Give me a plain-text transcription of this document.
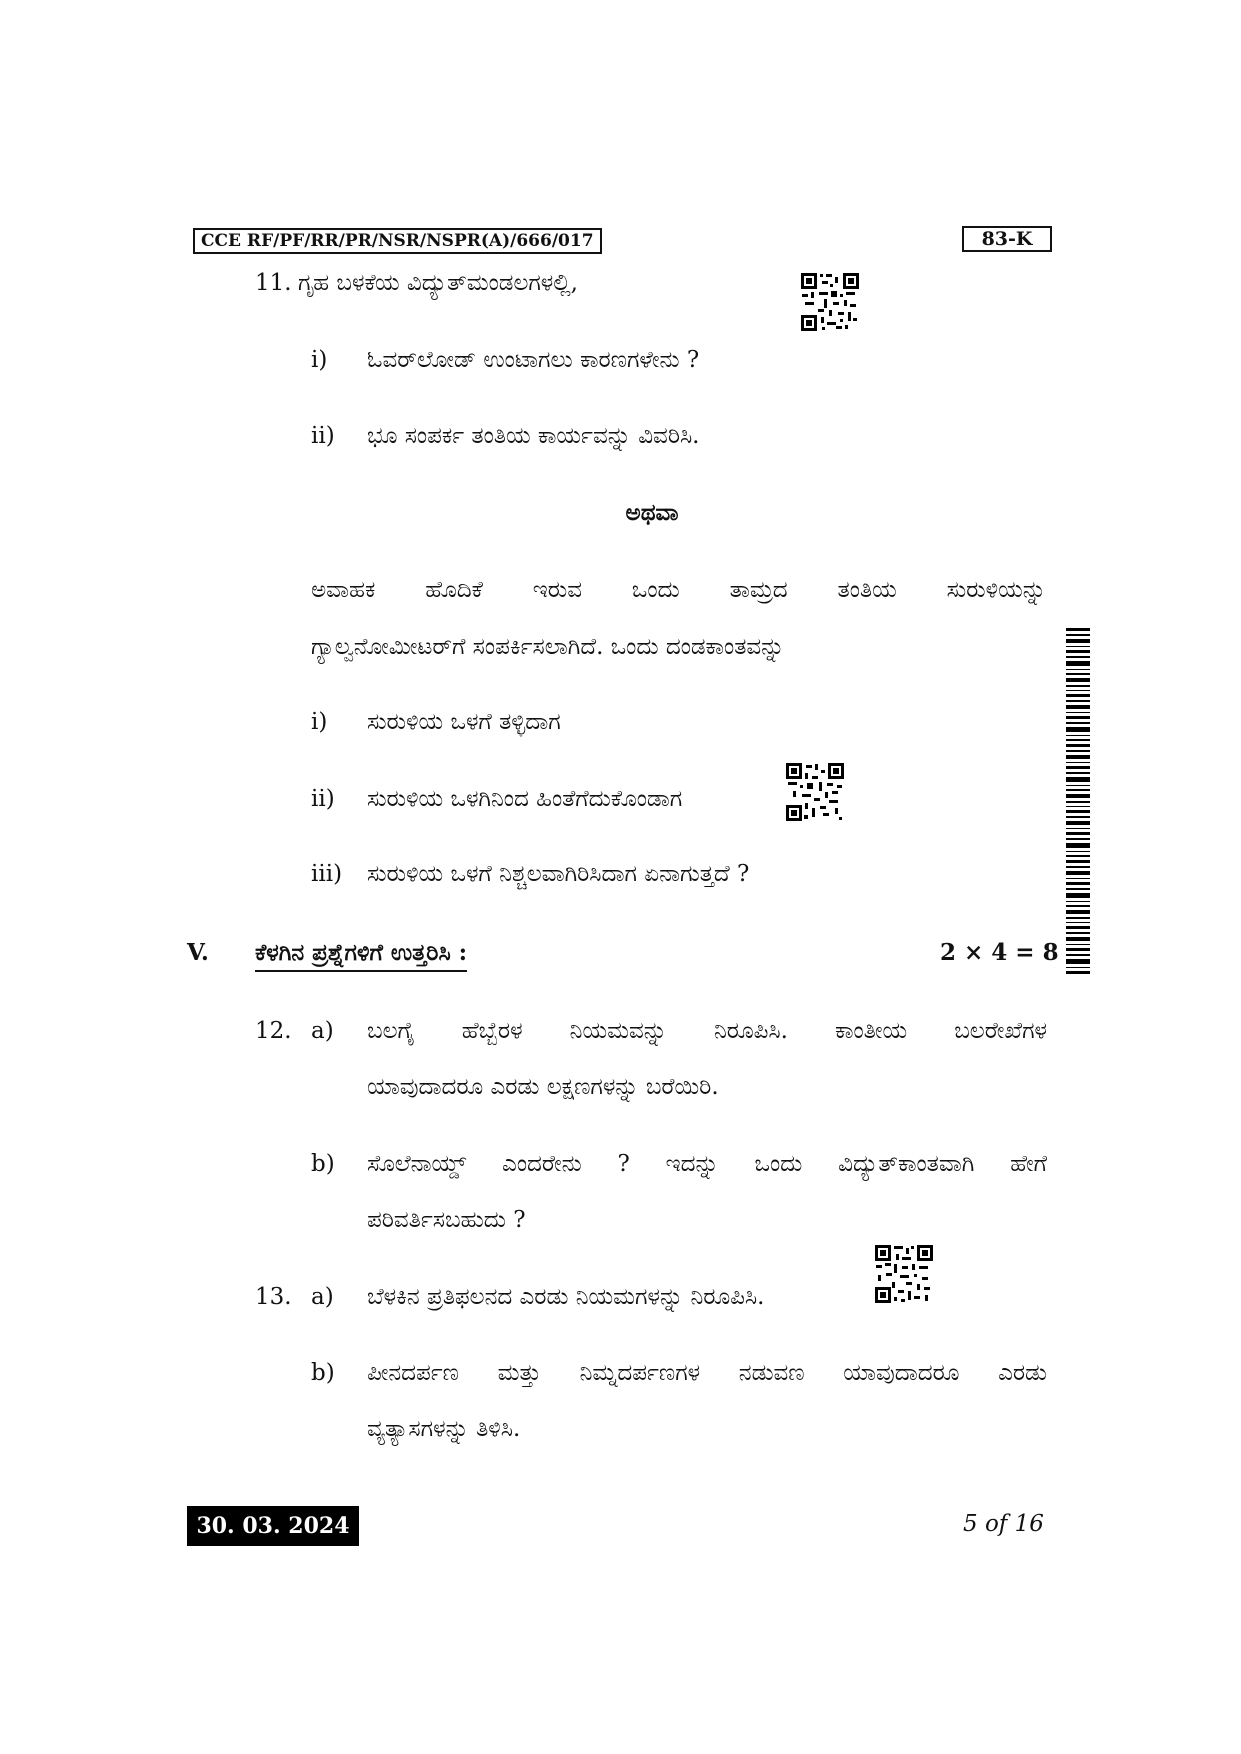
CCE RF/PF/RR/PR/NSR/NSPR(A)/666/017	83-K
11. ಗೃಹ ಬಳಕೆಯ ವಿದ್ಯುತ್‌ಮಂಡಲಗಳಲ್ಲಿ,
i) ಓವರ್‌ಲೋಡ್ ಉಂಟಾಗಲು ಕಾರಣಗಳೇನು ?
ii) ಭೂ ಸಂಪರ್ಕ ತಂತಿಯ ಕಾರ್ಯವನ್ನು ವಿವರಿಸಿ.
ಅಥವಾ
ಅವಾಹಕ ಹೊದಿಕೆ ಇರುವ ಒಂದು ತಾಮ್ರದ ತಂತಿಯ ಸುರುಳಿಯನ್ನು
ಗ್ಯಾಲ್ವನೋಮೀಟರ್‌ಗೆ ಸಂಪರ್ಕಿಸಲಾಗಿದೆ. ಒಂದು ದಂಡಕಾಂತವನ್ನು
i) ಸುರುಳಿಯ ಒಳಗೆ ತಳ್ಳಿದಾಗ
ii) ಸುರುಳಿಯ ಒಳಗಿನಿಂದ ಹಿಂತೆಗೆದುಕೊಂಡಾಗ
iii) ಸುರುಳಿಯ ಒಳಗೆ ನಿಶ್ಚಲವಾಗಿರಿಸಿದಾಗ ಏನಾಗುತ್ತದೆ ?
V. ಕೆಳಗಿನ ಪ್ರಶ್ನೆಗಳಿಗೆ ಉತ್ತರಿಸಿ :	2 × 4 = 8
12. a) ಬಲಗೈ ಹೆಬ್ಬೆರಳ ನಿಯಮವನ್ನು ನಿರೂಪಿಸಿ. ಕಾಂತೀಯ ಬಲರೇಖೆಗಳ
ಯಾವುದಾದರೂ ಎರಡು ಲಕ್ಷಣಗಳನ್ನು ಬರೆಯಿರಿ.
b) ಸೊಲೆನಾಯ್ಡ್ ಎಂದರೇನು ? ಇದನ್ನು ಒಂದು ವಿದ್ಯುತ್‌ಕಾಂತವಾಗಿ ಹೇಗೆ
ಪರಿವರ್ತಿಸಬಹುದು ?
13. a) ಬೆಳಕಿನ ಪ್ರತಿಫಲನದ ಎರಡು ನಿಯಮಗಳನ್ನು ನಿರೂಪಿಸಿ.
b) ಪೀನದರ್ಪಣ ಮತ್ತು ನಿಮ್ನದರ್ಪಣಗಳ ನಡುವಣ ಯಾವುದಾದರೂ ಎರಡು
ವ್ಯತ್ಯಾಸಗಳನ್ನು ತಿಳಿಸಿ.
30. 03. 2024	5 of 16
